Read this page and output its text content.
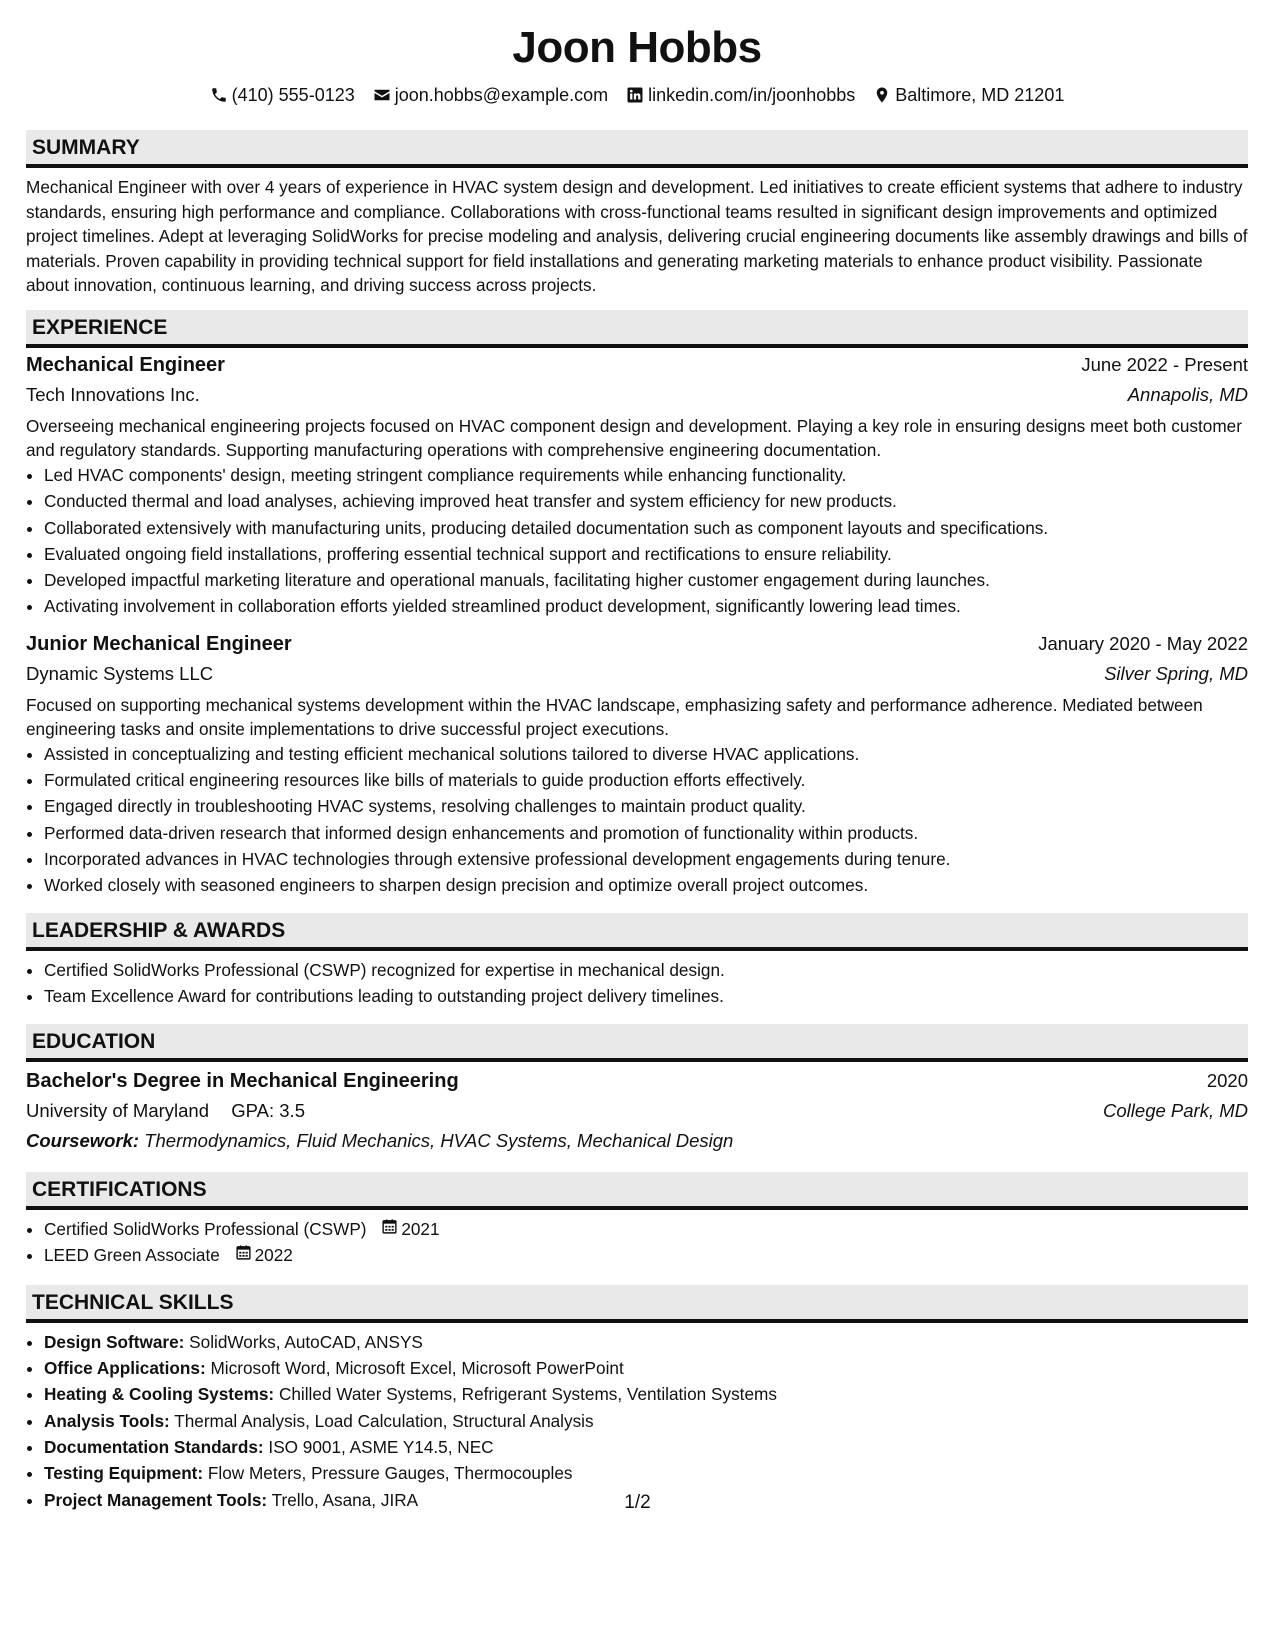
Joon Hobbs
(410) 555-0123 joon.hobbs@example.com linkedin.com/in/joonhobbs Baltimore, MD 21201
SUMMARY

Mechanical Engineer with over 4 years of experience in HVAC system design and development. Led initiatives to create efficient systems that adhere to industry standards, ensuring high performance and compliance. Collaborations with cross-functional teams resulted in significant design improvements and optimized project timelines. Adept at leveraging SolidWorks for precise modeling and analysis, delivering crucial engineering documents like assembly drawings and bills of materials. Proven capability in providing technical support for field installations and generating marketing materials to enhance product visibility. Passionate about innovation, continuous learning, and driving success across projects.

EXPERIENCE
Mechanical Engineer	June 2022 - Present
Tech Innovations Inc.	Annapolis, MD

Overseeing mechanical engineering projects focused on HVAC component design and development. Playing a key role in ensuring designs meet both customer and regulatory standards. Supporting manufacturing operations with comprehensive engineering documentation.

• Led HVAC components' design, meeting stringent compliance requirements while enhancing functionality.
• Conducted thermal and load analyses, achieving improved heat transfer and system efficiency for new products.
• Collaborated extensively with manufacturing units, producing detailed documentation such as component layouts and specifications.
• Evaluated ongoing field installations, proffering essential technical support and rectifications to ensure reliability.
• Developed impactful marketing literature and operational manuals, facilitating higher customer engagement during launches.
• Activating involvement in collaboration efforts yielded streamlined product development, significantly lowering lead times.
Junior Mechanical Engineer	January 2020 - May 2022
Dynamic Systems LLC	Silver Spring, MD

Focused on supporting mechanical systems development within the HVAC landscape, emphasizing safety and performance adherence. Mediated between engineering tasks and onsite implementations to drive successful project executions.

• Assisted in conceptualizing and testing efficient mechanical solutions tailored to diverse HVAC applications.
• Formulated critical engineering resources like bills of materials to guide production efforts effectively.
• Engaged directly in troubleshooting HVAC systems, resolving challenges to maintain product quality.
• Performed data-driven research that informed design enhancements and promotion of functionality within products.
• Incorporated advances in HVAC technologies through extensive professional development engagements during tenure.
• Worked closely with seasoned engineers to sharpen design precision and optimize overall project outcomes.
LEADERSHIP & AWARDS
• Certified SolidWorks Professional (CSWP) recognized for expertise in mechanical design.
• Team Excellence Award for contributions leading to outstanding project delivery timelines.
EDUCATION
Bachelor's Degree in Mechanical Engineering	2020
University of Maryland GPA: 3.5	College Park, MD
Coursework: Thermodynamics, Fluid Mechanics, HVAC Systems, Mechanical Design
CERTIFICATIONS
• Certified SolidWorks Professional (CSWP) 2021
• LEED Green Associate 2022
TECHNICAL SKILLS
• Design Software: SolidWorks, AutoCAD, ANSYS
• Office Applications: Microsoft Word, Microsoft Excel, Microsoft PowerPoint
• Heating & Cooling Systems: Chilled Water Systems, Refrigerant Systems, Ventilation Systems
• Analysis Tools: Thermal Analysis, Load Calculation, Structural Analysis
• Documentation Standards: ISO 9001, ASME Y14.5, NEC
• Testing Equipment: Flow Meters, Pressure Gauges, Thermocouples
• Project Management Tools: Trello, Asana, JIRA	1/2
